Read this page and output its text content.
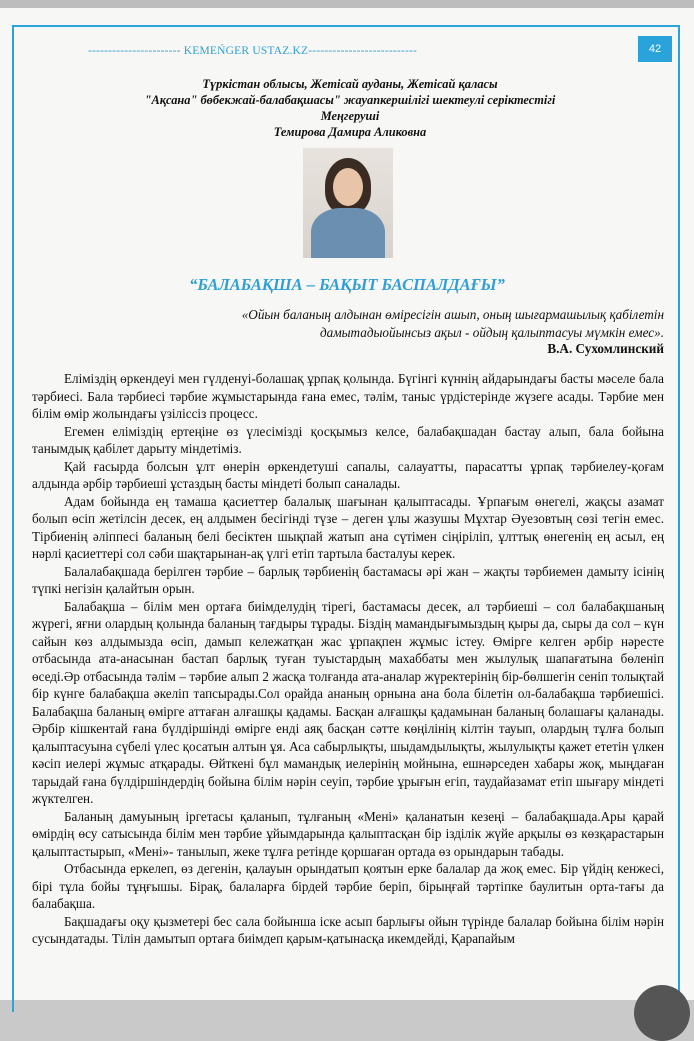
----------------------- KEMEŃGER USTAZ.KZ---------------------------	42
Түркістан облысы, Жетісай ауданы, Жетісай қаласы
"Ақсана" бөбекжай-балабақшасы" жауапкершілігі шектеулі серіктестігі
Меңгеруші
Темирова Дамира Аликовна
“БАЛАБАҚША – БАҚЫТ БАСПАЛДАҒЫ”
«Ойын баланың алдынан өміресігін ашып, оның шығармашылық қабілетін дамытадыойынсыз ақыл - ойдың қалыптасуы мүмкін емес».
В.А. Сухомлинский

Еліміздің өркендеуі мен гүлденуі-болашақ ұрпақ қолында. Бүгінгі күннің айдарындағы басты мәселе бала тәрбиесі. Бала тәрбиесі тәрбие жұмыстарында ғана емес, тәлім, таныс үрдістерінде жүзеге асады. Тәрбие мен білім өмір жолындағы үзіліссіз процесс.

Егемен еліміздің ертеңіне өз үлесімізді қосқымыз келсе, балабақшадан бастау алып, бала бойына танымдық қабілет дарыту міндетіміз.

Қай ғасырда болсын ұлт өнерін өркендетуші сапалы, салауатты, парасатты ұрпақ тәрбиелеу-қоғам алдында әрбір тәрбиеші ұстаздың басты міндеті болып саналады.

Адам бойында ең тамаша қасиеттер балалық шағынан қалыптасады. Ұрпағым өнегелі, жақсы азамат болып өсіп жетілсін десек, ең алдымен бесігінді түзе – деген ұлы жазушы Мұхтар Әуезовтың сөзі тегін емес. Тірбиенің әліппесі баланың белі бесіктен шықпай жатып ана сүтімен сіңіріліп, ұлттық өнегенің ең асыл, ең нәрлі қасиеттері сол сәби шақтарынан-ақ үлгі етіп тартыла басталуы керек.

Балалабақшада берілген тәрбие – барлық тәрбиенің бастамасы әрі жан – жақты тәрбиемен дамыту ісінің түпкі негізін қалайтын орын.

Балабақша – білім мен ортаға биімделудің тірегі, бастамасы десек, ал тәрбиеші – сол балабақшаның жүрегі, яғни олардың қолында баланың тағдыры тұрады. Біздің мамандығымыздың қыры да, сыры да сол – күн сайын көз алдымызда өсіп, дамып кележатқан жас ұрпақпен жұмыс істеу. Өмірге келген әрбір нәресте отбасында ата-анасынан бастап барлық туған туыстардың махаббаты мен жылулық шапағатына бөленіп өседі.Әр отбасында тәлім – тәрбие алып 2 жасқа толғанда ата-аналар жүректерінің бір-бөлшегін сеніп толықтай бір күнге балабақша әкеліп тапсырады.Сол орайда ананың орнына ана бола білетін ол-балабақша тәрбиешісі. Балабақша баланың өмірге аттаған алғашқы қадамы. Басқан алғашқы қадамынан баланың болашағы қаланады. Әрбір кішкентай ғана бүлдіршіндi өмірге енді аяқ басқан сәтте көңілінің кілтін тауып, олардың тұлға болып қалыптасуына сүбелі үлес қосатын алтын ұя. Аса сабырлықты, шыдамдылықты, жылулықты қажет ететін үлкен кәсіп иелері жұмыс атқарады. Өйткені бұл мамандық иелерінің мойнына, ешнәрседен хабары жоқ, мыңдаған тарыдай ғана бүлдіршіндердің бойына білім нәрін сеуіп, тәрбие ұрығын егіп, таудайазамат етіп шығару міндеті жүктелген.

Баланың дамуының іргетасы қаланып, тұлғаның «Мені» қаланатын кезеңі – балабақшада.Ары қарай өмірдің өсу сатысында білім мен тәрбие ұйымдарында қалыптасқан бір ізділік жүйе арқылы өз көзқарастарын қалыптастырып, «Мені»- танылып, жеке тұлға ретінде қоршаған ортада өз орындарын табады.

Отбасында еркелеп, өз дегенін, қалауын орындатып қоятын ерке балалар да жоқ емес. Бір үйдің кенжесі, бірі тұла бойы тұңғышы. Бірақ, балаларға бірдей тәрбие беріп, бірыңғай тәртіпке баулитын орта-тағы да балабақша.

Бақшадағы оқу қызметері бес сала бойынша іске асып барлығы ойын түрінде балалар бойына білім нәрін сусындатады. Тілін дамытып ортаға биімдеп қарым-қатынасқа икемдейді, Қарапайым
